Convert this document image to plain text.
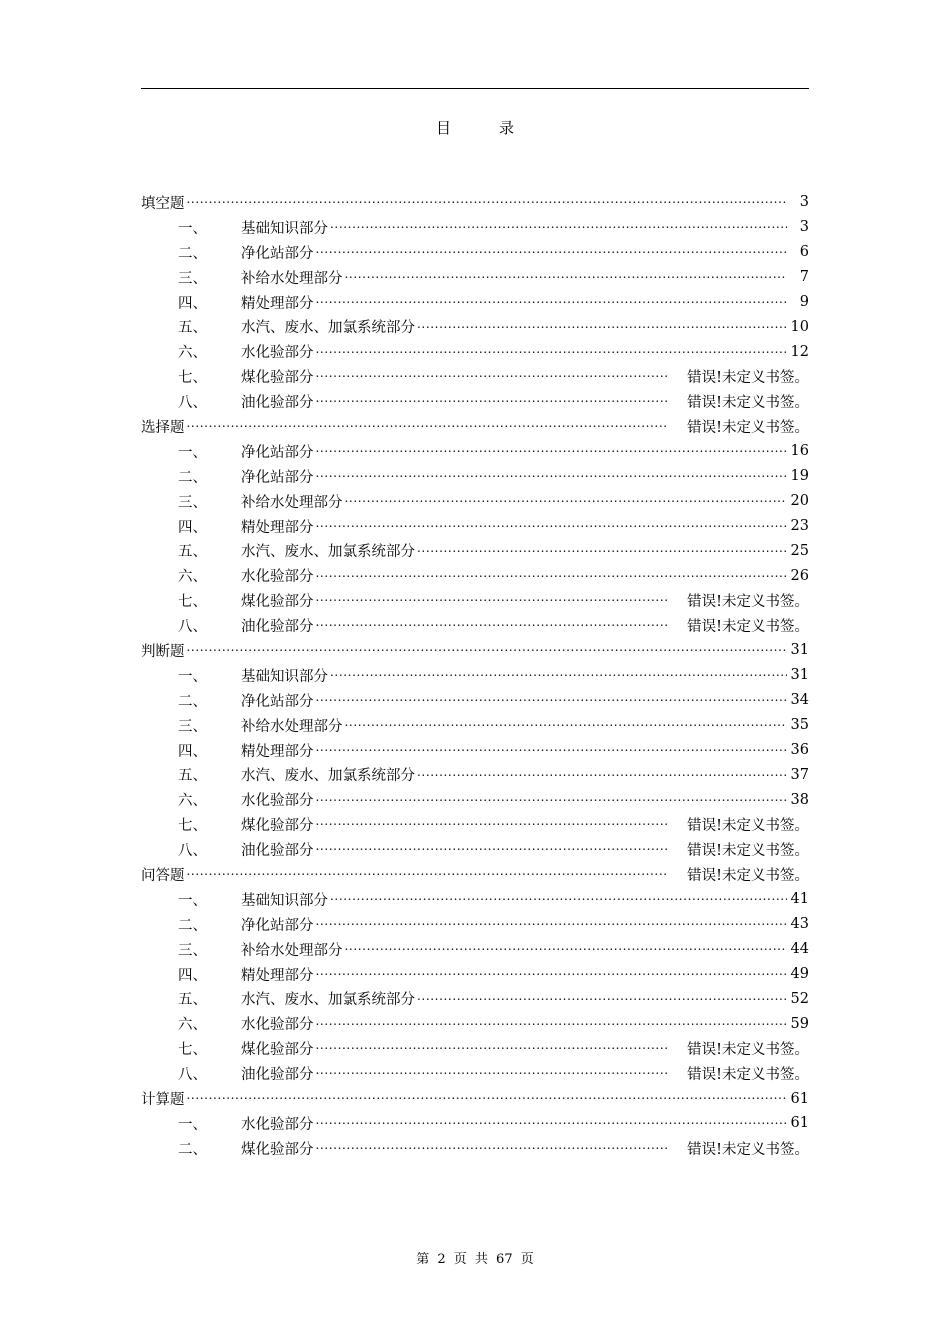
目	录
填空题 .....	3
一、	基础知识部分 .....	3
二、	净化站部分 .....	6
三、	补给水处理部分 .....	7
四、	精处理部分 .....	9
五、	水汽、废水、加氯系统部分 .....	10
六、	水化验部分 .....	12
七、	煤化验部分 .....	错误!未定义书签。
八、	油化验部分 .....	错误!未定义书签。
选择题 .....	错误!未定义书签。
一、	净化站部分 .....	16
二、	净化站部分 .....	19
三、	补给水处理部分 .....	20
四、	精处理部分 .....	23
五、	水汽、废水、加氯系统部分 .....	25
六、	水化验部分 .....	26
七、	煤化验部分 .....	错误!未定义书签。
八、	油化验部分 .....	错误!未定义书签。
判断题 .....	31
一、	基础知识部分 .....	31
二、	净化站部分 .....	34
三、	补给水处理部分 .....	35
四、	精处理部分 .....	36
五、	水汽、废水、加氯系统部分 .....	37
六、	水化验部分 .....	38
七、	煤化验部分 .....	错误!未定义书签。
八、	油化验部分 .....	错误!未定义书签。
问答题 .....	错误!未定义书签。
一、	基础知识部分 .....	41
二、	净化站部分 .....	43
三、	补给水处理部分 .....	44
四、	精处理部分 .....	49
五、	水汽、废水、加氯系统部分 .....	52
六、	水化验部分 .....	59
七、	煤化验部分 .....	错误!未定义书签。
八、	油化验部分 .....	错误!未定义书签。
计算题 .....	61
一、	水化验部分 .....	61
二、	煤化验部分 .....	错误!未定义书签。
第 2 页 共 67 页
